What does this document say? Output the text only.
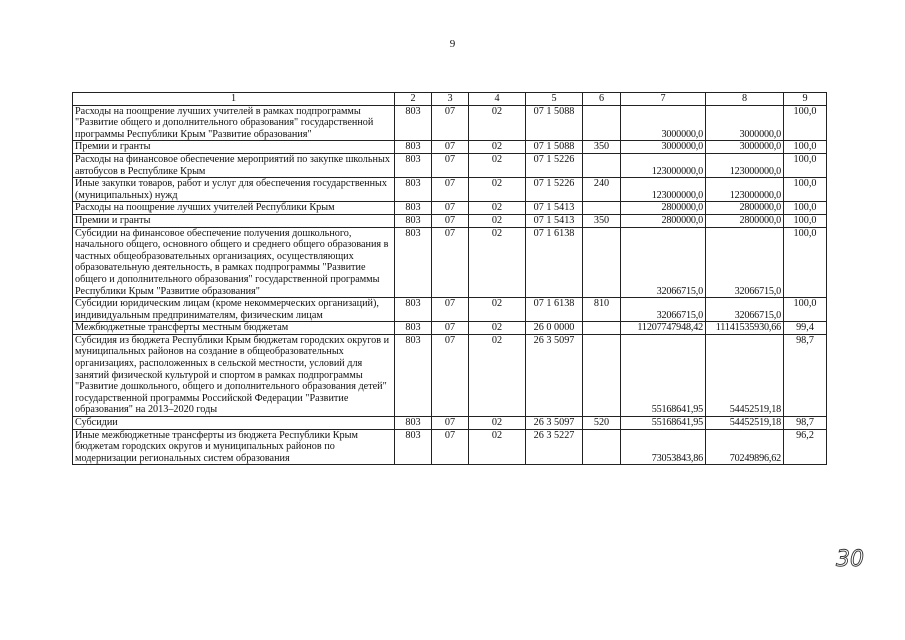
9
1	2	3	4	5	6	7	8	9
Расходы на поощрение лучших учителей в рамках подпрограммы "Развитие общего и дополнительного образования" государственной программы Республики Крым "Развитие образования"	803	07	02	07 1 5088		3000000,0	3000000,0	100,0
Премии и гранты	803	07	02	07 1 5088	350	3000000,0	3000000,0	100,0
Расходы на финансовое обеспечение мероприятий по закупке школьных автобусов в Республике Крым	803	07	02	07 1 5226		123000000,0	123000000,0	100,0
Иные закупки товаров, работ и услуг для обеспечения государственных (муниципальных) нужд	803	07	02	07 1 5226	240	123000000,0	123000000,0	100,0
Расходы на поощрение лучших учителей Республики Крым	803	07	02	07 1 5413		2800000,0	2800000,0	100,0
Премии и гранты	803	07	02	07 1 5413	350	2800000,0	2800000,0	100,0
Субсидии на финансовое обеспечение получения дошкольного, начального общего, основного общего и среднего общего образования в частных общеобразовательных организациях, осуществляющих образовательную деятельность, в рамках подпрограммы "Развитие общего и дополнительного образования" государственной программы Республики Крым "Развитие образования"	803	07	02	07 1 6138		32066715,0	32066715,0	100,0
Субсидии юридическим лицам (кроме некоммерческих организаций), индивидуальным предпринимателям, физическим лицам	803	07	02	07 1 6138	810	32066715,0	32066715,0	100,0
Межбюджетные трансферты местным бюджетам	803	07	02	26 0 0000		11207747948,42	11141535930,66	99,4
Субсидия из бюджета Республики Крым бюджетам городских округов и муниципальных районов на создание в общеобразовательных организациях, расположенных в сельской местности, условий для занятий физической культурой и спортом в рамках подпрограммы "Развитие дошкольного, общего и дополнительного образования детей" государственной программы Российской Федерации "Развитие образования" на 2013–2020 годы	803	07	02	26 3 5097		55168641,95	54452519,18	98,7
Субсидии	803	07	02	26 3 5097	520	55168641,95	54452519,18	98,7
Иные межбюджетные трансферты из бюджета Республики Крым бюджетам городских округов и муниципальных районов по модернизации региональных систем образования	803	07	02	26 3 5227		73053843,86	70249896,62	96,2
30
